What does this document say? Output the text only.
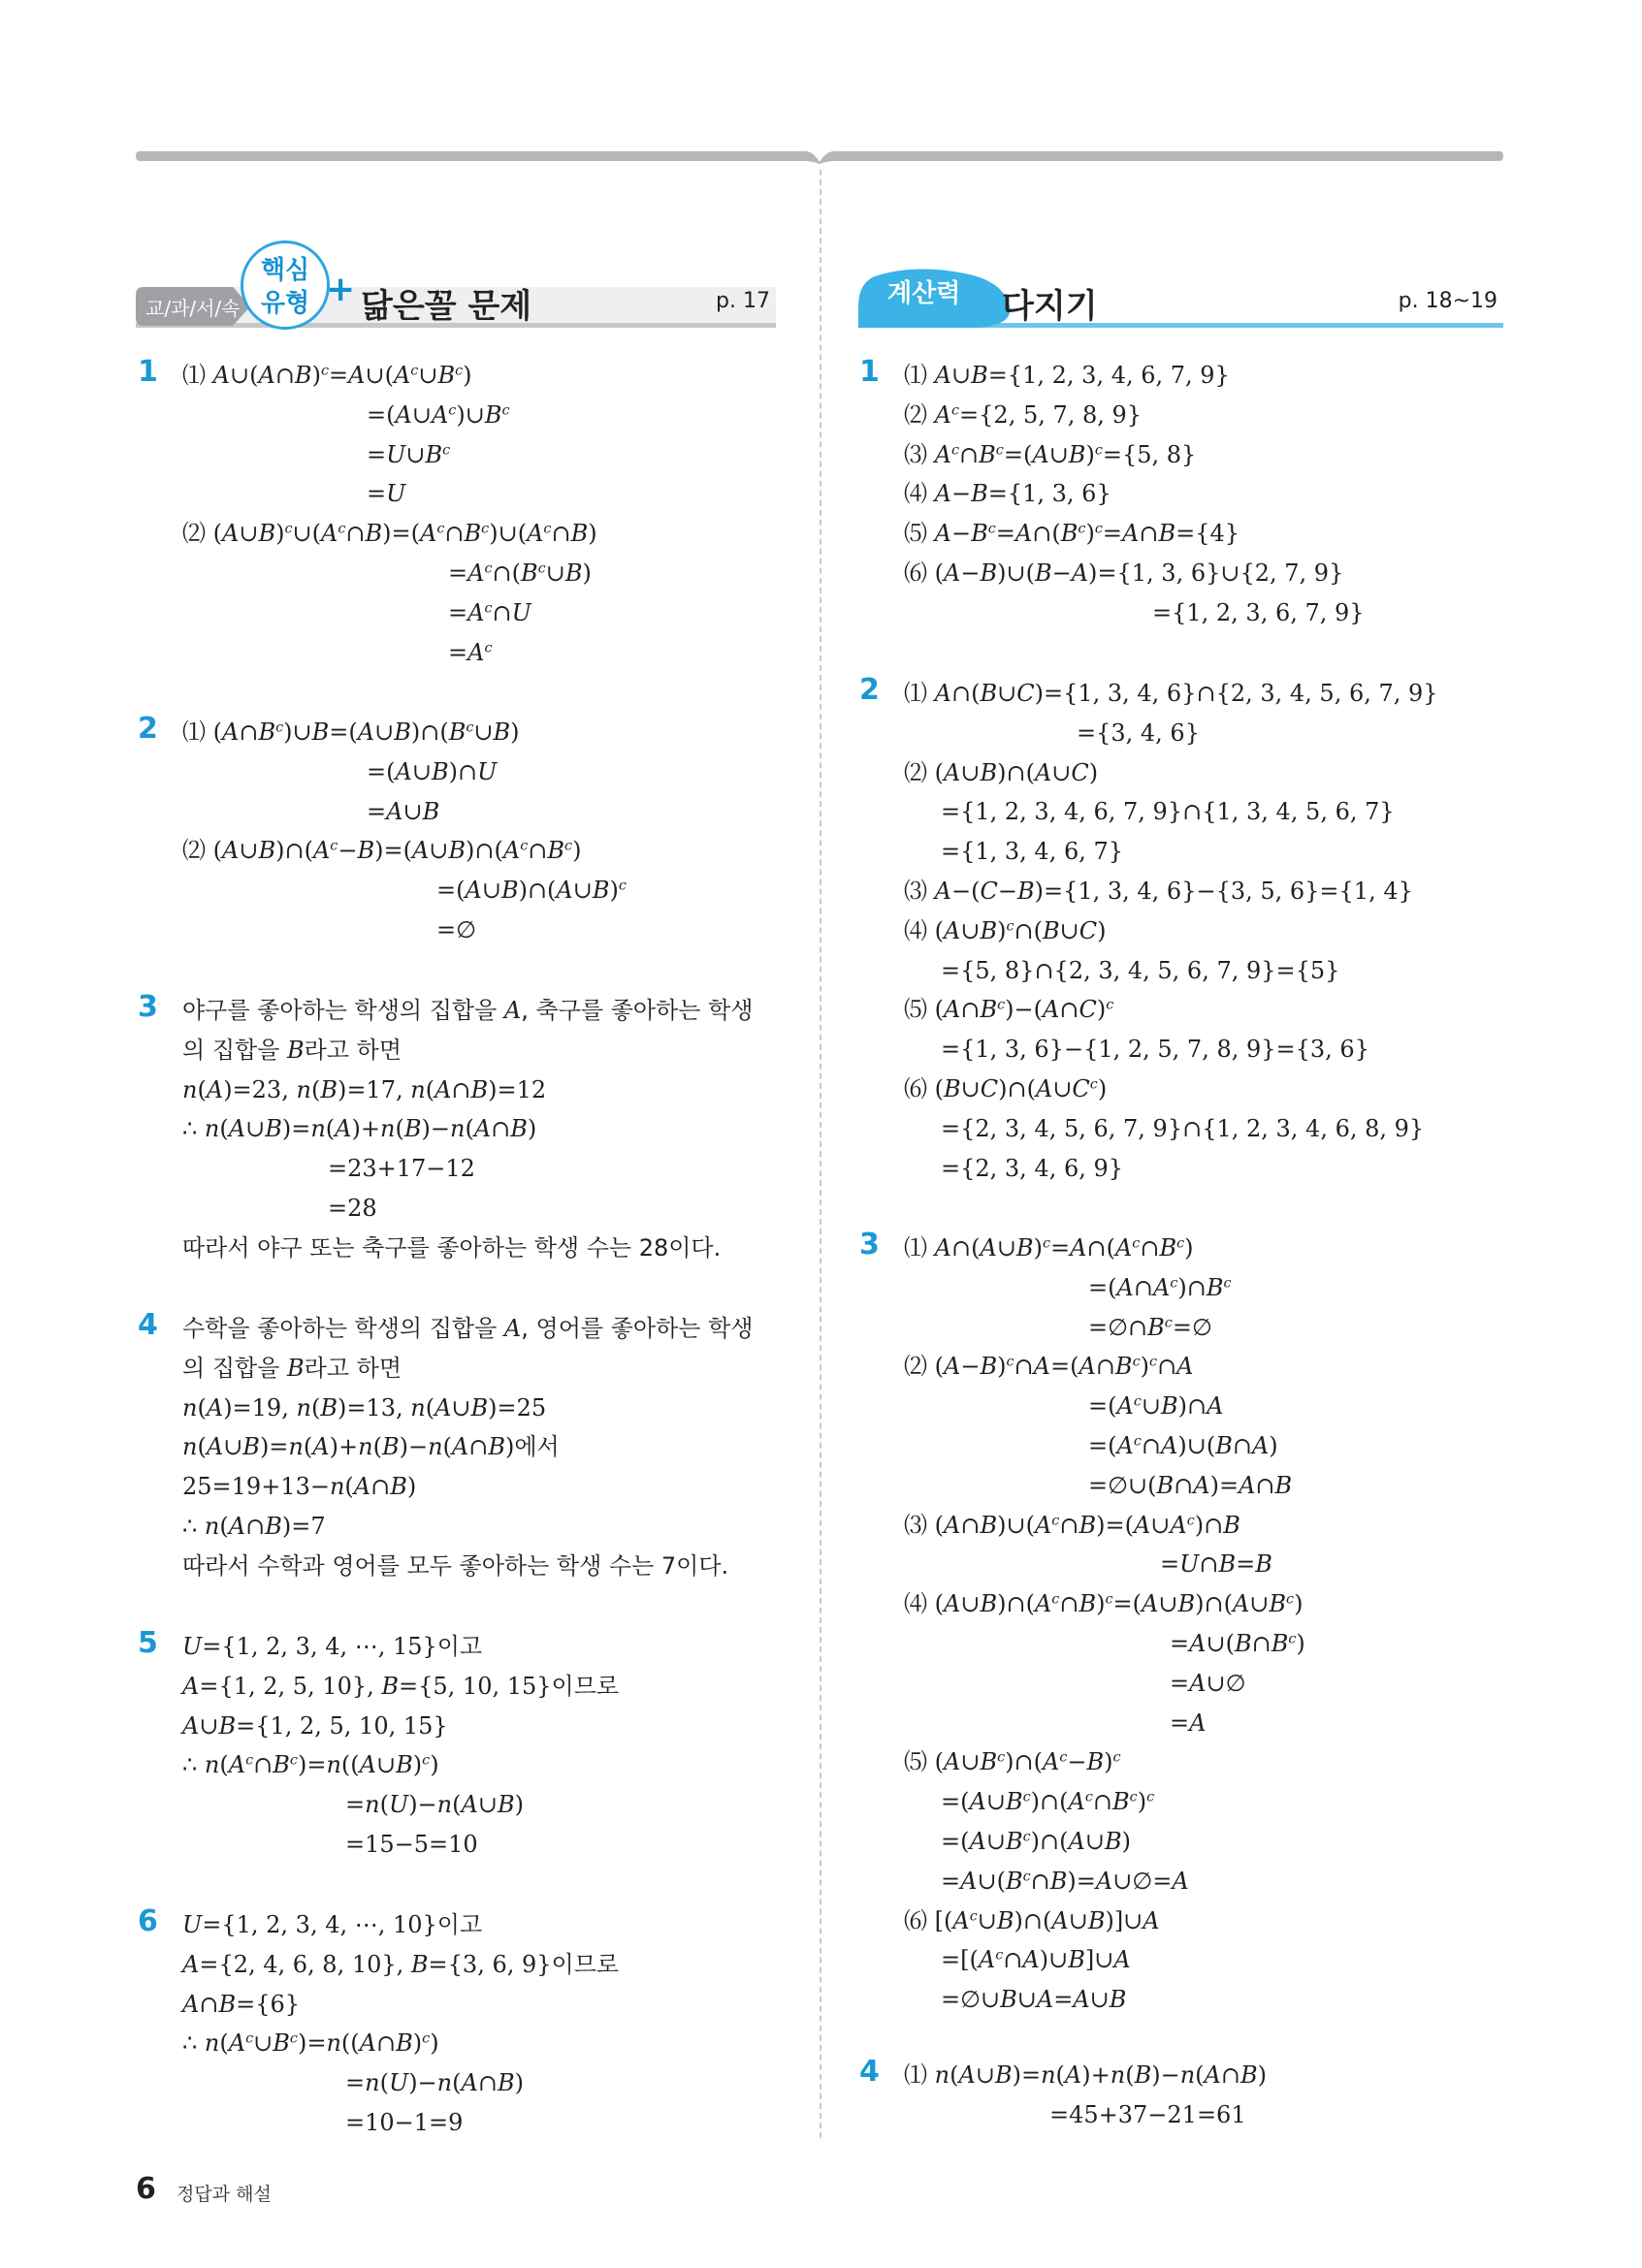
교/과/서/속
핵심
유형 + 닮은꼴 문제	p. 17	계산력 다지기	p. 18~19
1 ⑴ $A\cup(A\cap B)^c=A\cup(A^c\cup B^c)$
$=(A\cup A^c)\cup B^c$
$=U\cup B^c$
=U
⑵ $(A\cup B)^c\cup(A^c\cap B)=(A^c\cap B^c)\cup(A^c\cap B)$
$=A^c\cap(B^c\cup B)$
$=A^c\cap U$
$=A^c$
2 ⑴ $(A\cap B^c)\cup B=(A\cup B)\cap(B^c\cup B)$
=(A∪B)∩U
=A∪B
⑵ $(A\cup B)\cap(A^c-B)=(A\cup B)\cap(A^c\cap B^c)$
=(A∪B)∩(A∪B)$^c$
=∅
3 야구를 좋아하는 학생의 집합을 A, 축구를 좋아하는 학생
의 집합을 B라고 하면
n(A)=23, n(B)=17, n(A∩B)=12
∴ n(A∪B)=n(A)+n(B)−n(A∩B)
=23+17−12
=28
따라서 야구 또는 축구를 좋아하는 학생 수는 28이다.
4 수학을 좋아하는 학생의 집합을 A, 영어를 좋아하는 학생
의 집합을 B라고 하면
n(A)=19, n(B)=13, n(A∪B)=25
n(A∪B)=n(A)+n(B)−n(A∩B)에서
25=19+13−n(A∩B)
∴ n(A∩B)=7
따라서 수학과 영어를 모두 좋아하는 학생 수는 7이다.
5 U={1, 2, 3, 4, ⋯, 15}이고
A={1, 2, 5, 10}, B={5, 10, 15}이므로
A∪B={1, 2, 5, 10, 15}
∴ $n(A^c\cap B^c)=n((A\cup B)^c)$
=n(U)−n(A∪B)
=15−5=10
6 U={1, 2, 3, 4, ⋯, 10}이고
A={2, 4, 6, 8, 10}, B={3, 6, 9}이므로
A∩B={6}
∴ $n(A^c\cup B^c)=n((A\cap B)^c)$
=n(U)−n(A∩B)
=10−1=9
1 ⑴ A∪B={1, 2, 3, 4, 6, 7, 9}
⑵ $A^c=\{2$, 5, 7, 8, 9}
⑶ $A^c\cap B^c=(A\cup B)^c=\{5$, 8}
⑷ A−B={1, 3, 6}
⑸ $A-B^c=A\cap(B^c)^c=A\cap B=\{4\}$
⑹ (A−B)∪(B−A)={1, 3, 6}∪{2, 7, 9}
={1, 2, 3, 6, 7, 9}
2 ⑴ A∩(B∪C)={1, 3, 4, 6}∩{2, 3, 4, 5, 6, 7, 9}
={3, 4, 6}
⑵ (A∪B)∩(A∪C)
={1, 2, 3, 4, 6, 7, 9}∩{1, 3, 4, 5, 6, 7}
={1, 3, 4, 6, 7}
⑶ A−(C−B)={1, 3, 4, 6}−{3, 5, 6}={1, 4}
⑷ (A∪B)$^c$∩(B∪C)
={5, 8}∩{2, 3, 4, 5, 6, 7, 9}={5}
⑸ $(A\cap B^c)-(A\cap C)^c$
={1, 3, 6}−{1, 2, 5, 7, 8, 9}={3, 6}
⑹ $(B\cup C)\cap(A\cup C^c)$
={2, 3, 4, 5, 6, 7, 9}∩{1, 2, 3, 4, 6, 8, 9}
={2, 3, 4, 6, 9}
3 ⑴ $A\cap(A\cup B)^c=A\cap(A^c\cap B^c)$
$=(A\cap A^c)\cap B^c$
$=\emptyset\cap B^c=\emptyset$
⑵ $(A-B)^c\cap A=(A\cap B^c)^c\cap A$
$=(A^c\cup B)\cap A$
$=(A^c\cap A)\cup(B\cap A)$
=∅∪(B∩A)=A∩B
⑶ $(A\cap B)\cup(A^c\cap B)=(A\cup A^c)\cap B$
=U∩B=B
⑷ $(A\cup B)\cap(A^c\cap B)^c=(A\cup B)\cap(A\cup B^c)$
$=A\cup(B\cap B^c)$
=A∪∅
=A
⑸ $(A\cup B^c)\cap(A^c-B)^c$
$=(A\cup B^c)\cap(A^c\cap B^c)^c$
$=(A\cup B^c)\cap(A\cup B)$
$=A\cup(B^c\cap B)=A\cup\emptyset=A$
⑹ $[(A^c\cup B)\cap(A\cup B)]\cup A$
$=[(A^c\cap A)\cup B]\cup A$
=∅∪B∪A=A∪B
4 ⑴ n(A∪B)=n(A)+n(B)−n(A∩B)
=45+37−21=61
6 정답과 해설
